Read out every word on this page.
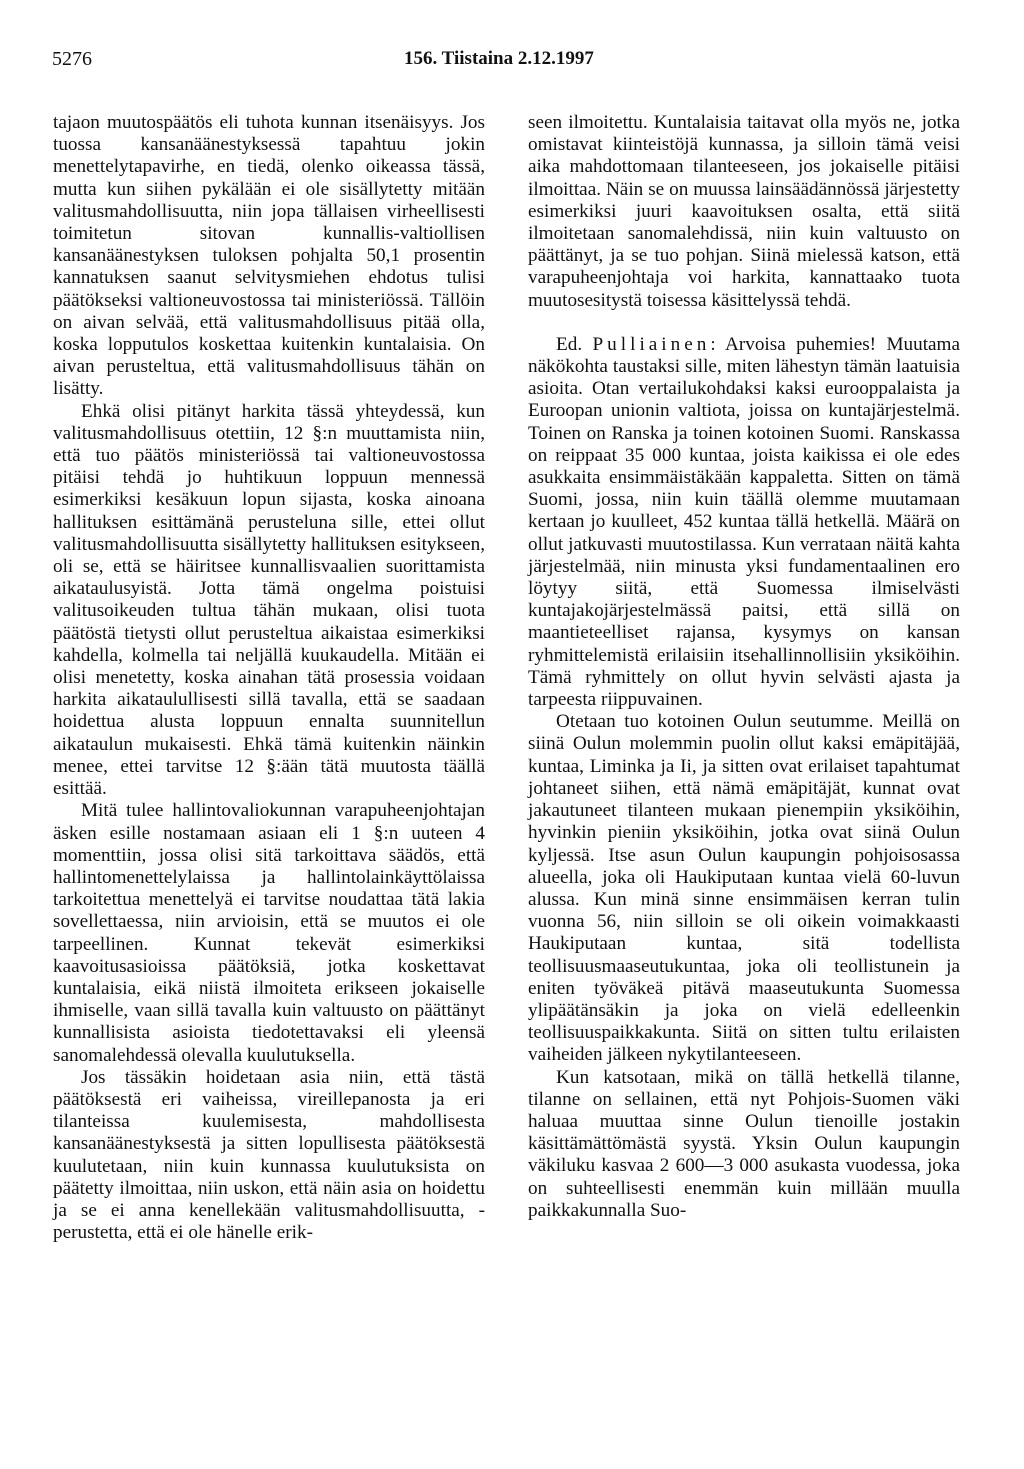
5276	156. Tiistaina 2.12.1997

tajaon muutospäätös eli tuhota kunnan itsenäisyys. Jos tuossa kansanäänestyksessä tapahtuu jokin menettelytapavirhe, en tiedä, olenko oikeassa tässä, mutta kun siihen pykälään ei ole sisällytetty mitään valitusmahdollisuutta, niin jopa tällaisen virheellisesti toimitetun sitovan kunnallis-valtiollisen kansanäänestyksen tuloksen pohjalta 50,1 prosentin kannatuksen saanut selvitysmiehen ehdotus tulisi päätökseksi valtioneuvostossa tai ministeriössä. Tällöin on aivan selvää, että valitusmahdollisuus pitää olla, koska lopputulos koskettaa kuitenkin kuntalaisia. On aivan perusteltua, että valitusmahdollisuus tähän on lisätty.

Ehkä olisi pitänyt harkita tässä yhteydessä, kun valitusmahdollisuus otettiin, 12 §:n muuttamista niin, että tuo päätös ministeriössä tai valtioneuvostossa pitäisi tehdä jo huhtikuun loppuun mennessä esimerkiksi kesäkuun lopun sijasta, koska ainoana hallituksen esittämänä perusteluna sille, ettei ollut valitusmahdollisuutta sisällytetty hallituksen esitykseen, oli se, että se häiritsee kunnallisvaalien suorittamista aikataulusyistä. Jotta tämä ongelma poistuisi valitusoikeuden tultua tähän mukaan, olisi tuota päätöstä tietysti ollut perusteltua aikaistaa esimerkiksi kahdella, kolmella tai neljällä kuukaudella. Mitään ei olisi menetetty, koska ainahan tätä prosessia voidaan harkita aikataulullisesti sillä tavalla, että se saadaan hoidettua alusta loppuun ennalta suunnitellun aikataulun mukaisesti. Ehkä tämä kuitenkin näinkin menee, ettei tarvitse 12 §:ään tätä muutosta täällä esittää.

Mitä tulee hallintovaliokunnan varapuheenjohtajan äsken esille nostamaan asiaan eli 1 §:n uuteen 4 momenttiin, jossa olisi sitä tarkoittava säädös, että hallintomenettelylaissa ja hallintolainkäyttölaissa tarkoitettua menettelyä ei tarvitse noudattaa tätä lakia sovellettaessa, niin arvioisin, että se muutos ei ole tarpeellinen. Kunnat tekevät esimerkiksi kaavoitusasioissa päätöksiä, jotka koskettavat kuntalaisia, eikä niistä ilmoiteta erikseen jokaiselle ihmiselle, vaan sillä tavalla kuin valtuusto on päättänyt kunnallisista asioista tiedotettavaksi eli yleensä sanomalehdessä olevalla kuulutuksella.

Jos tässäkin hoidetaan asia niin, että tästä päätöksestä eri vaiheissa, vireillepanosta ja eri tilanteissa kuulemisesta, mahdollisesta kansanäänestyksestä ja sitten lopullisesta päätöksestä kuulutetaan, niin kuin kunnassa kuulutuksista on päätetty ilmoittaa, niin uskon, että näin asia on hoidettu ja se ei anna kenellekään valitusmahdollisuutta, -perustetta, että ei ole hänelle erik-

seen ilmoitettu. Kuntalaisia taitavat olla myös ne, jotka omistavat kiinteistöjä kunnassa, ja silloin tämä veisi aika mahdottomaan tilanteeseen, jos jokaiselle pitäisi ilmoittaa. Näin se on muussa lainsäädännössä järjestetty esimerkiksi juuri kaavoituksen osalta, että siitä ilmoitetaan sanomalehdissä, niin kuin valtuusto on päättänyt, ja se tuo pohjan. Siinä mielessä katson, että varapuheenjohtaja voi harkita, kannattaako tuota muutosesitystä toisessa käsittelyssä tehdä.

Ed. Pulliainen: Arvoisa puhemies! Muutama näkökohta taustaksi sille, miten lähestyn tämän laatuisia asioita. Otan vertailukohdaksi kaksi eurooppalaista ja Euroopan unionin valtiota, joissa on kuntajärjestelmä. Toinen on Ranska ja toinen kotoinen Suomi. Ranskassa on reippaat 35 000 kuntaa, joista kaikissa ei ole edes asukkaita ensimmäistäkään kappaletta. Sitten on tämä Suomi, jossa, niin kuin täällä olemme muutamaan kertaan jo kuulleet, 452 kuntaa tällä hetkellä. Määrä on ollut jatkuvasti muutostilassa. Kun verrataan näitä kahta järjestelmää, niin minusta yksi fundamentaalinen ero löytyy siitä, että Suomessa ilmiselvästi kuntajakojärjestelmässä paitsi, että sillä on maantieteelliset rajansa, kysymys on kansan ryhmittelemistä erilaisiin itsehallinnollisiin yksiköihin. Tämä ryhmittely on ollut hyvin selvästi ajasta ja tarpeesta riippuvainen.

Otetaan tuo kotoinen Oulun seutumme. Meillä on siinä Oulun molemmin puolin ollut kaksi emäpitäjää, kuntaa, Liminka ja Ii, ja sitten ovat erilaiset tapahtumat johtaneet siihen, että nämä emäpitäjät, kunnat ovat jakautuneet tilanteen mukaan pienempiin yksiköihin, hyvinkin pieniin yksiköihin, jotka ovat siinä Oulun kyljessä. Itse asun Oulun kaupungin pohjoisosassa alueella, joka oli Haukiputaan kuntaa vielä 60-luvun alussa. Kun minä sinne ensimmäisen kerran tulin vuonna 56, niin silloin se oli oikein voimakkaasti Haukiputaan kuntaa, sitä todellista teollisuusmaaseutukuntaa, joka oli teollistunein ja eniten työväkeä pitävä maaseutukunta Suomessa ylipäätänsäkin ja joka on vielä edelleenkin teollisuuspaikkakunta. Siitä on sitten tultu erilaisten vaiheiden jälkeen nykytilanteeseen.

Kun katsotaan, mikä on tällä hetkellä tilanne, tilanne on sellainen, että nyt Pohjois-Suomen väki haluaa muuttaa sinne Oulun tienoille jostakin käsittämättömästä syystä. Yksin Oulun kaupungin väkiluku kasvaa 2 600—3 000 asukasta vuodessa, joka on suhteellisesti enemmän kuin millään muulla paikkakunnalla Suo-
